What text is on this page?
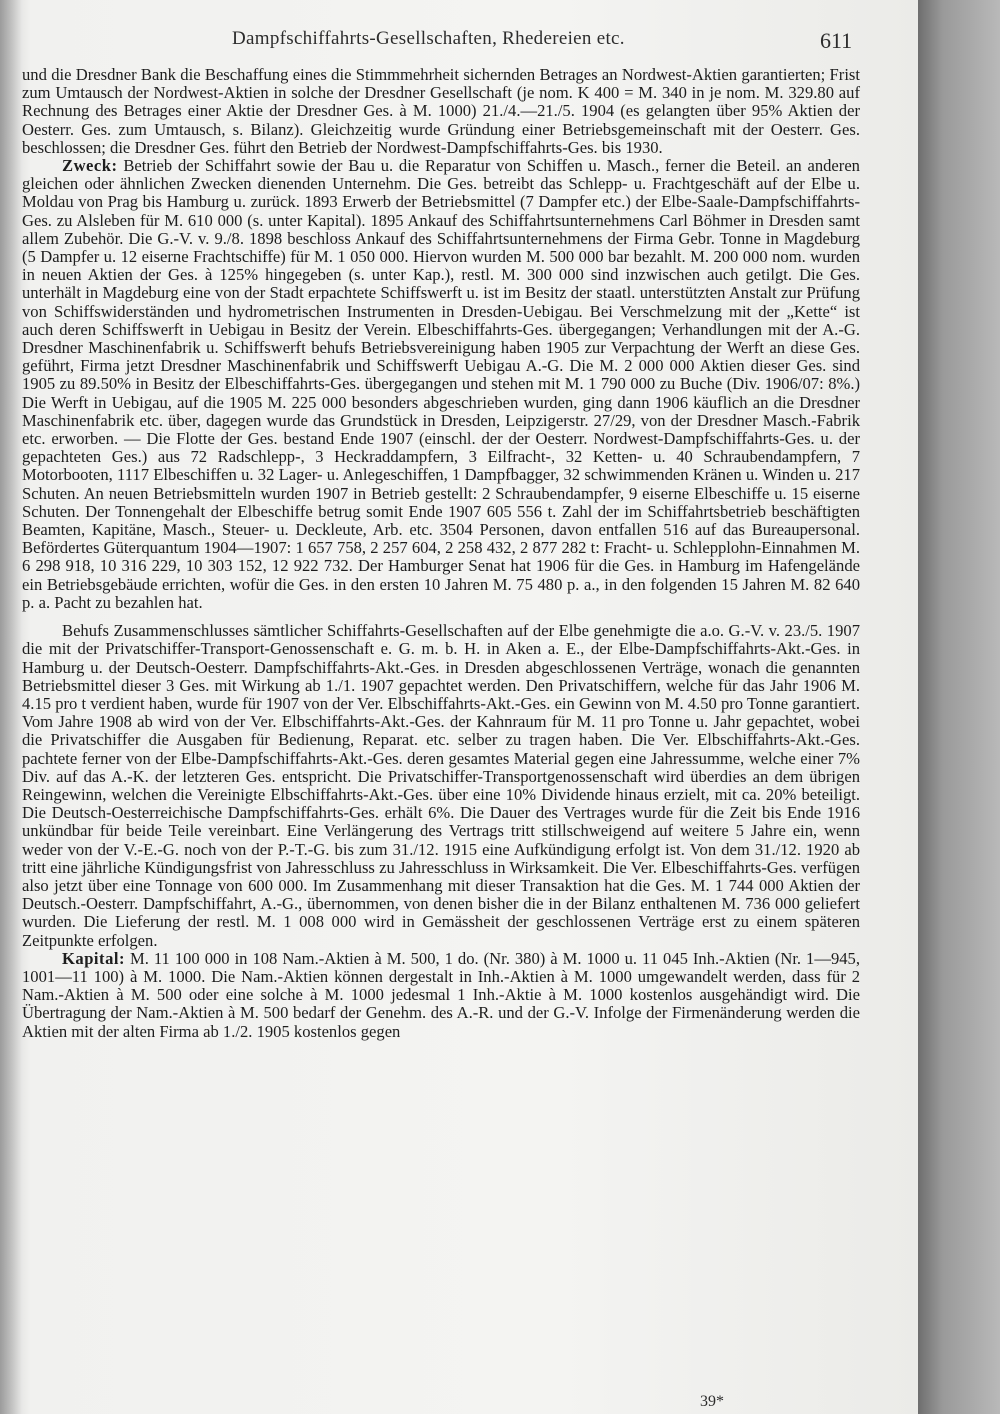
Dampfschiffahrts-Gesellschaften, Rhedereien etc.	611

und die Dresdner Bank die Beschaffung eines die Stimmmehrheit sichernden Betrages an Nordwest-Aktien garantierten; Frist zum Umtausch der Nordwest-Aktien in solche der Dresdner Gesellschaft (je nom. K 400 = M. 340 in je nom. M. 329.80 auf Rechnung des Betrages einer Aktie der Dresdner Ges. à M. 1000) 21./4.—21./5. 1904 (es gelangten über 95% Aktien der Oesterr. Ges. zum Umtausch, s. Bilanz). Gleichzeitig wurde Gründung einer Betriebsgemeinschaft mit der Oesterr. Ges. beschlossen; die Dresdner Ges. führt den Betrieb der Nordwest-Dampfschiffahrts-Ges. bis 1930.

Zweck: Betrieb der Schiffahrt sowie der Bau u. die Reparatur von Schiffen u. Masch., ferner die Beteil. an anderen gleichen oder ähnlichen Zwecken dienenden Unternehm. Die Ges. betreibt das Schlepp- u. Frachtgeschäft auf der Elbe u. Moldau von Prag bis Hamburg u. zurück. 1893 Erwerb der Betriebsmittel (7 Dampfer etc.) der Elbe-Saale-Dampfschiffahrts-Ges. zu Alsleben für M. 610 000 (s. unter Kapital). 1895 Ankauf des Schiffahrtsunternehmens Carl Böhmer in Dresden samt allem Zubehör. Die G.-V. v. 9./8. 1898 beschloss Ankauf des Schiffahrtsunternehmens der Firma Gebr. Tonne in Magdeburg (5 Dampfer u. 12 eiserne Frachtschiffe) für M. 1 050 000. Hiervon wurden M. 500 000 bar bezahlt. M. 200 000 nom. wurden in neuen Aktien der Ges. à 125% hingegeben (s. unter Kap.), restl. M. 300 000 sind inzwischen auch getilgt. Die Ges. unterhält in Magdeburg eine von der Stadt erpachtete Schiffswerft u. ist im Besitz der staatl. unterstützten Anstalt zur Prüfung von Schiffswiderständen und hydrometrischen Instrumenten in Dresden-Uebigau. Bei Verschmelzung mit der „Kette“ ist auch deren Schiffswerft in Uebigau in Besitz der Verein. Elbeschiffahrts-Ges. übergegangen; Verhandlungen mit der A.-G. Dresdner Maschinenfabrik u. Schiffswerft behufs Betriebsvereinigung haben 1905 zur Verpachtung der Werft an diese Ges. geführt, Firma jetzt Dresdner Maschinenfabrik und Schiffswerft Uebigau A.-G. Die M. 2 000 000 Aktien dieser Ges. sind 1905 zu 89.50% in Besitz der Elbeschiffahrts-Ges. übergegangen und stehen mit M. 1 790 000 zu Buche (Div. 1906/07: 8%.) Die Werft in Uebigau, auf die 1905 M. 225 000 besonders abgeschrieben wurden, ging dann 1906 käuflich an die Dresdner Maschinenfabrik etc. über, dagegen wurde das Grundstück in Dresden, Leipzigerstr. 27/29, von der Dresdner Masch.-Fabrik etc. erworben. — Die Flotte der Ges. bestand Ende 1907 (einschl. der der Oesterr. Nordwest-Dampfschiffahrts-Ges. u. der gepachteten Ges.) aus 72 Radschlepp-, 3 Heckraddampfern, 3 Eilfracht-, 32 Ketten- u. 40 Schraubendampfern, 7 Motorbooten, 1117 Elbeschiffen u. 32 Lager- u. Anlegeschiffen, 1 Dampfbagger, 32 schwimmenden Kränen u. Winden u. 217 Schuten. An neuen Betriebsmitteln wurden 1907 in Betrieb gestellt: 2 Schraubendampfer, 9 eiserne Elbeschiffe u. 15 eiserne Schuten. Der Tonnengehalt der Elbeschiffe betrug somit Ende 1907 605 556 t. Zahl der im Schiffahrtsbetrieb beschäftigten Beamten, Kapitäne, Masch., Steuer- u. Deckleute, Arb. etc. 3504 Personen, davon entfallen 516 auf das Bureaupersonal. Befördertes Güterquantum 1904—1907: 1 657 758, 2 257 604, 2 258 432, 2 877 282 t: Fracht- u. Schlepplohn-Einnahmen M. 6 298 918, 10 316 229, 10 303 152, 12 922 732. Der Hamburger Senat hat 1906 für die Ges. in Hamburg im Hafengelände ein Betriebsgebäude errichten, wofür die Ges. in den ersten 10 Jahren M. 75 480 p. a., in den folgenden 15 Jahren M. 82 640 p. a. Pacht zu bezahlen hat.

Behufs Zusammenschlusses sämtlicher Schiffahrts-Gesellschaften auf der Elbe genehmigte die a.o. G.-V. v. 23./5. 1907 die mit der Privatschiffer-Transport-Genossenschaft e. G. m. b. H. in Aken a. E., der Elbe-Dampfschiffahrts-Akt.-Ges. in Hamburg u. der Deutsch-Oesterr. Dampfschiffahrts-Akt.-Ges. in Dresden abgeschlossenen Verträge, wonach die genannten Betriebsmittel dieser 3 Ges. mit Wirkung ab 1./1. 1907 gepachtet werden. Den Privatschiffern, welche für das Jahr 1906 M. 4.15 pro t verdient haben, wurde für 1907 von der Ver. Elbschiffahrts-Akt.-Ges. ein Gewinn von M. 4.50 pro Tonne garantiert. Vom Jahre 1908 ab wird von der Ver. Elbschiffahrts-Akt.-Ges. der Kahnraum für M. 11 pro Tonne u. Jahr gepachtet, wobei die Privatschiffer die Ausgaben für Bedienung, Reparat. etc. selber zu tragen haben. Die Ver. Elbschiffahrts-Akt.-Ges. pachtete ferner von der Elbe-Dampfschiffahrts-Akt.-Ges. deren gesamtes Material gegen eine Jahressumme, welche einer 7% Div. auf das A.-K. der letzteren Ges. entspricht. Die Privatschiffer-Transportgenossenschaft wird überdies an dem übrigen Reingewinn, welchen die Vereinigte Elbschiffahrts-Akt.-Ges. über eine 10% Dividende hinaus erzielt, mit ca. 20% beteiligt. Die Deutsch-Oesterreichische Dampfschiffahrts-Ges. erhält 6%. Die Dauer des Vertrages wurde für die Zeit bis Ende 1916 unkündbar für beide Teile vereinbart. Eine Verlängerung des Vertrags tritt stillschweigend auf weitere 5 Jahre ein, wenn weder von der V.-E.-G. noch von der P.-T.-G. bis zum 31./12. 1915 eine Aufkündigung erfolgt ist. Von dem 31./12. 1920 ab tritt eine jährliche Kündigungsfrist von Jahresschluss zu Jahresschluss in Wirksamkeit. Die Ver. Elbeschiffahrts-Ges. verfügen also jetzt über eine Tonnage von 600 000. Im Zusammenhang mit dieser Transaktion hat die Ges. M. 1 744 000 Aktien der Deutsch.-Oesterr. Dampfschiffahrt, A.-G., übernommen, von denen bisher die in der Bilanz enthaltenen M. 736 000 geliefert wurden. Die Lieferung der restl. M. 1 008 000 wird in Gemässheit der geschlossenen Verträge erst zu einem späteren Zeitpunkte erfolgen.

Kapital: M. 11 100 000 in 108 Nam.-Aktien à M. 500, 1 do. (Nr. 380) à M. 1000 u. 11 045 Inh.-Aktien (Nr. 1—945, 1001—11 100) à M. 1000. Die Nam.-Aktien können dergestalt in Inh.-Aktien à M. 1000 umgewandelt werden, dass für 2 Nam.-Aktien à M. 500 oder eine solche à M. 1000 jedesmal 1 Inh.-Aktie à M. 1000 kostenlos ausgehändigt wird. Die Übertragung der Nam.-Aktien à M. 500 bedarf der Genehm. des A.-R. und der G.-V. Infolge der Firmenänderung werden die Aktien mit der alten Firma ab 1./2. 1905 kostenlos gegen

39*
